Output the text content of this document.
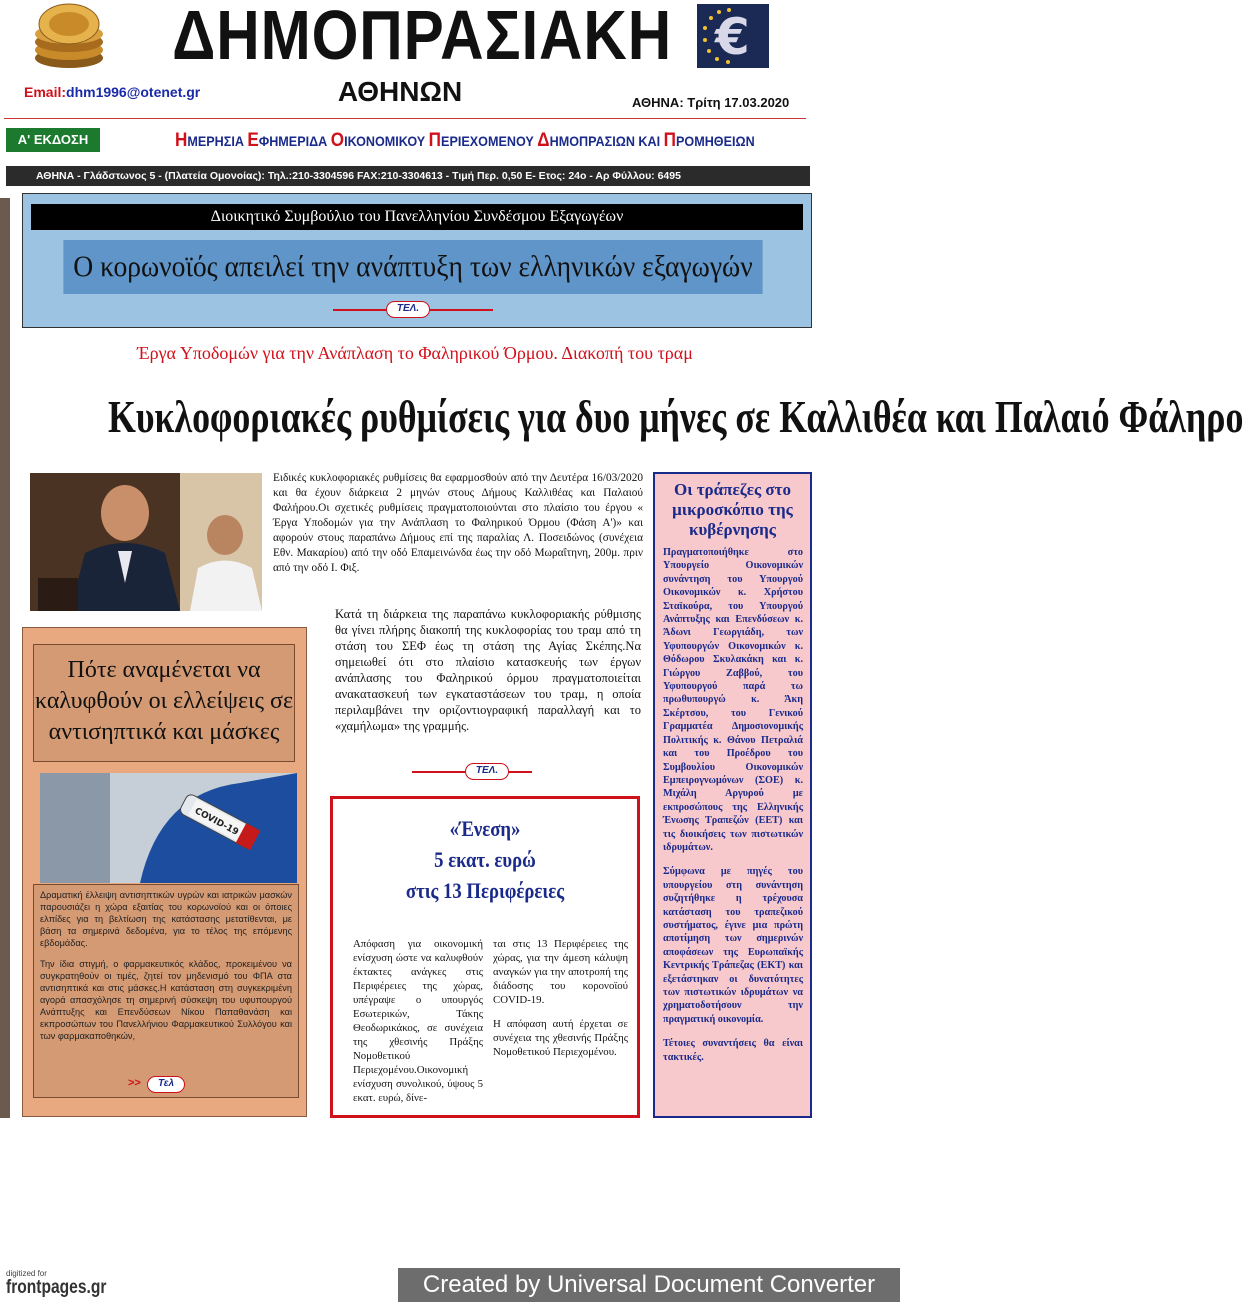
ΔΗΜΟΠΡΑΣΙΑΚΗ
ΑΘΗΝΩΝ
€
Email:dhm1996@otenet.gr
ΑΘΗΝΑ: Τρίτη 17.03.2020
Α' ΕΚΔΟΣΗ	ΗΜΕΡΗΣΙΑ ΕΦΗΜΕΡΙΔΑ ΟΙΚΟΝΟΜΙΚΟΥ ΠΕΡΙΕΧΟΜΕΝΟΥ ΔΗΜΟΠΡΑΣΙΩΝ ΚΑΙ ΠΡΟΜΗΘΕΙΩΝ
ΑΘΗΝΑ - Γλάδστωνος 5 - (Πλατεία Ομονοίας): Τηλ.:210-3304596 FAX:210-3304613 - Τιμή Περ. 0,50 Ε- Ετος: 24ο - Αρ Φύλλου: 6495
Διοικητικό Συμβούλιο του Πανελληνίου Συνδέσμου Εξαγωγέων
Ο κορωνοϊός απειλεί την ανάπτυξη των ελληνικών εξαγωγών
ΤΕΛ.
Έργα Υποδομών για την Ανάπλαση το Φαληρικού Όρμου. Διακοπή του τραμ
Κυκλοφοριακές ρυθμίσεις για δυο μήνες σε Καλλιθέα και Παλαιό Φάληρο
Ειδικές κυκλοφοριακές ρυθμίσεις θα εφαρμοσθούν από την Δευτέρα 16/03/2020 και θα έχουν διάρκεια 2 μηνών στους Δήμους Καλλιθέας και Παλαιού Φαλήρου.Οι σχετικές ρυθμίσεις πραγματοποιούνται στο πλαίσιο του έργου « Έργα Υποδομών για την Ανάπλαση το Φαληρικού Όρμου (Φάση Α')» και αφορούν στους παραπάνω Δήμους επί της παραλίας Λ. Ποσειδώνος (συνέχεια Εθν. Μακαρίου) από την οδό Επαμεινώνδα έως την οδό Μωραΐτηνη, 200μ. πριν από την οδό Ι. Φιξ.
Κατά τη διάρκεια της παραπάνω κυκλοφοριακής ρύθμισης θα γίνει πλήρης διακοπή της κυκλοφορίας του τραμ από τη στάση του ΣΕΦ έως τη στάση της Αγίας Σκέπης.Να σημειωθεί ότι στο πλαίσιο κατασκευής των έργων ανάπλασης του Φαληρικού όρμου πραγματοποιείται ανακατασκευή των εγκαταστάσεων του τραμ, η οποία περιλαμβάνει την οριζοντιογραφική παραλλαγή και το «χαμήλωμα» της γραμμής.
ΤΕΛ.
Πότε αναμένεται να καλυφθούν οι ελλείψεις σε αντισηπτικά και μάσκες
COVID-19

Δραματική έλλειψη αντισηπτικών υγρών και ιατρικών μασκών παρουσιάζει η χώρα εξαιτίας του κορωνοϊού και οι όποιες ελπίδες για τη βελτίωση της κατάστασης μετατίθενται, με βάση τα σημερινά δεδομένα, για το τέλος της επόμενης εβδομάδας.

Την ίδια στιγμή, ο φαρμακευτικός κλάδος, προκειμένου να συγκρατηθούν οι τιμές, ζητεί τον μηδενισμό του ΦΠΑ στα αντισηπτικά και στις μάσκες.Η κατάσταση στη συγκεκριμένη αγορά απασχόλησε τη σημερινή σύσκεψη του υφυπουργού Ανάπτυξης και Επενδύσεων Νίκου Παπαθανάση και εκπροσώπων του Πανελλήνιου Φαρμακευτικού Συλλόγου και των φαρμακαποθηκών,

>>	Τελ
«Ένεση»
5 εκατ. ευρώ
στις 13 Περιφέρειες
Απόφαση για οικονομική ενίσχυση ώστε να καλυφθούν έκτακτες ανάγκες στις Περιφέρειες της χώρας, υπέγραψε ο υπουργός Εσωτερικών, Τάκης Θεοδωρικάκος, σε συνέχεια της χθεσινής Πράξης Νομοθετικού Περιεχομένου.Οικονομική ενίσχυση συνολικού, ύψους 5 εκατ. ευρώ, δίνε-

ται στις 13 Περιφέρειες της χώρας, για την άμεση κάλυψη αναγκών για την αποτροπή της διάδοσης του κορονοϊού COVID-19.

Η απόφαση αυτή έρχεται σε συνέχεια της χθεσινής Πράξης Νομοθετικού Περιεχομένου.

Οι τράπεζες στο μικροσκόπιο της κυβέρνησης

Πραγματοποιήθηκε στο Υπουργείο Οικονομικών συνάντηση του Υπουργού Οικονομικών κ. Χρήστου Σταϊκούρα, του Υπουργού Ανάπτυξης και Επενδύσεων κ. Άδωνι Γεωργιάδη, των Υφυπουργών Οικονομικών κ. Θόδωρου Σκυλακάκη και κ. Γιώργου Ζαββού, του Υφυπουργού παρά τω πρωθυπουργώ κ. Άκη Σκέρτσου, του Γενικού Γραμματέα Δημοσιονομικής Πολιτικής κ. Θάνου Πετραλιά και του Προέδρου του Συμβουλίου Οικονομικών Εμπειρογνωμόνων (ΣΟΕ) κ. Μιχάλη Αργυρού με εκπροσώπους της Ελληνικής Ένωσης Τραπεζών (ΕΕΤ) και τις διοικήσεις των πιστωτικών ιδρυμάτων.

Σύμφωνα με πηγές του υπουργείου στη συνάντηση συζητήθηκε η τρέχουσα κατάσταση του τραπεζικού συστήματος, έγινε μια πρώτη αποτίμηση των σημερινών αποφάσεων της Ευρωπαϊκής Κεντρικής Τράπεζας (ΕΚΤ) και εξετάστηκαν οι δυνατότητες των πιστωτικών ιδρυμάτων να χρηματοδοτήσουν την πραγματική οικονομία.

Τέτοιες συναντήσεις θα είναι τακτικές.

digitized for
frontpages.gr	Created by Universal Document Converter
